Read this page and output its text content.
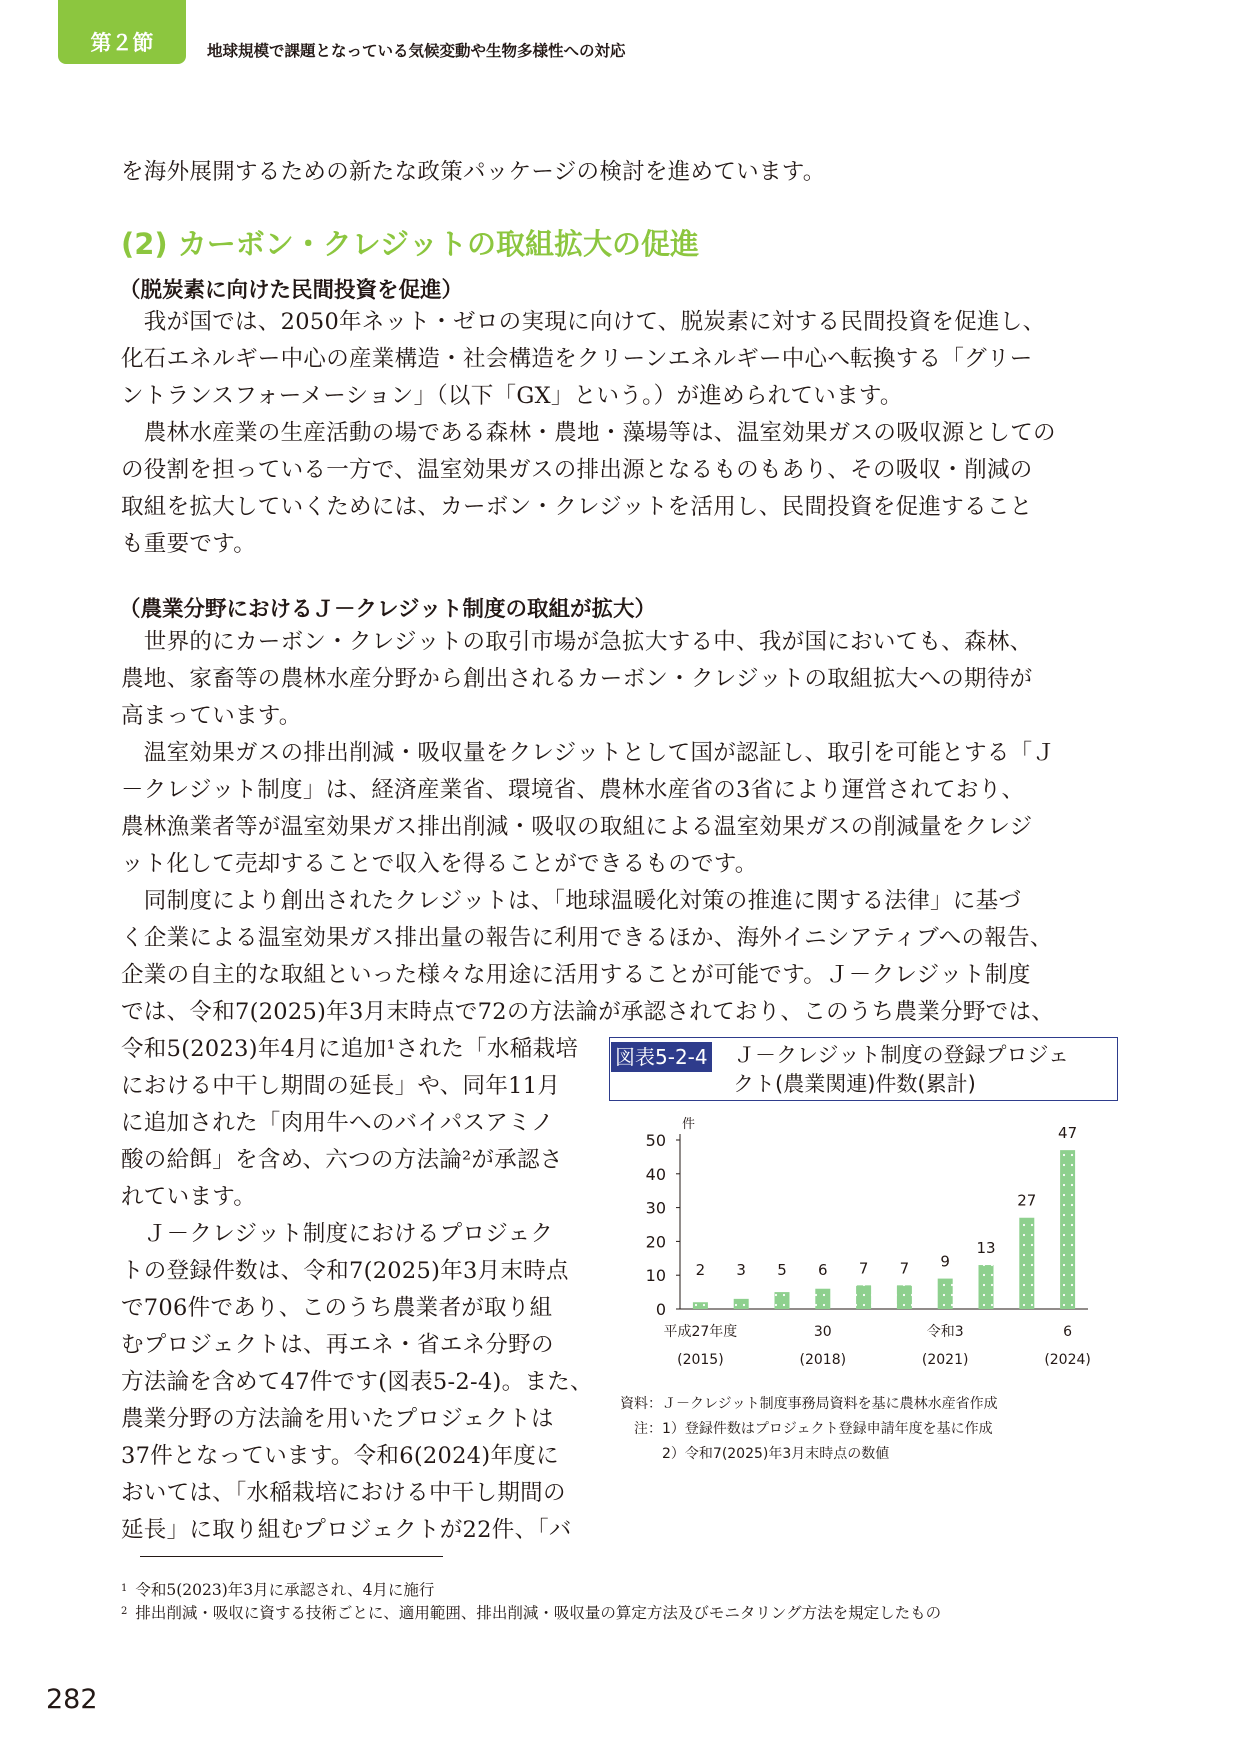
第２節	地球規模で課題となっている気候変動や生物多様性への対応
を海外展開するための新たな政策パッケージの検討を進めています。
(2) カーボン・クレジットの取組拡大の促進
（脱炭素に向けた民間投資を促進）
　我が国では、2050年ネット・ゼロの実現に向けて、脱炭素に対する民間投資を促進し、
化石エネルギー中心の産業構造・社会構造をクリーンエネルギー中心へ転換する「グリー
ントランスフォーメーション」（以下「GX」という。）が進められています。
　農林水産業の生産活動の場である森林・農地・藻場等は、温室効果ガスの吸収源としての
の役割を担っている一方で、温室効果ガスの排出源となるものもあり、その吸収・削減の
取組を拡大していくためには、カーボン・クレジットを活用し、民間投資を促進すること
も重要です。
（農業分野におけるＪ－クレジット制度の取組が拡大）
　世界的にカーボン・クレジットの取引市場が急拡大する中、我が国においても、森林、
農地、家畜等の農林水産分野から創出されるカーボン・クレジットの取組拡大への期待が
高まっています。
　温室効果ガスの排出削減・吸収量をクレジットとして国が認証し、取引を可能とする「Ｊ
－クレジット制度」は、経済産業省、環境省、農林水産省の3省により運営されており、
農林漁業者等が温室効果ガス排出削減・吸収の取組による温室効果ガスの削減量をクレジ
ット化して売却することで収入を得ることができるものです。
　同制度により創出されたクレジットは、「地球温暖化対策の推進に関する法律」に基づ
く企業による温室効果ガス排出量の報告に利用できるほか、海外イニシアティブへの報告、
企業の自主的な取組といった様々な用途に活用することが可能です。Ｊ－クレジット制度
では、令和7(2025)年3月末時点で72の方法論が承認されており、このうち農業分野では、
令和5(2023)年4月に追加¹された「水稲栽培
における中干し期間の延長」や、同年11月
に追加された「肉用牛へのバイパスアミノ
酸の給餌」を含め、六つの方法論²が承認さ
れています。
　Ｊ－クレジット制度におけるプロジェク
トの登録件数は、令和7(2025)年3月末時点
で706件であり、このうち農業者が取り組
むプロジェクトは、再エネ・省エネ分野の
方法論を含めて47件です(図表5-2-4)。また、
農業分野の方法論を用いたプロジェクトは
37件となっています。令和6(2024)年度に
おいては、「水稲栽培における中干し期間の
延長」に取り組むプロジェクトが22件、「バ
図表5-2-4 Ｊ－クレジット制度の登録プロジェ
クト(農業関連)件数(累計)
0
10
20
30
40
50
件
2 3 5 6 7 7 9
13
27
47
平成27年度
(2015)
30
(2018)
令和3
(2021)
6
(2024)
資料：Ｊ－クレジット制度事務局資料を基に農林水産省作成
　注：1）登録件数はプロジェクト登録申請年度を基に作成
　　　2）令和7(2025)年3月末時点の数値
$^1$ 令和5(2023)年3月に承認され、4月に施行
$^2$ 排出削減・吸収に資する技術ごとに、適用範囲、排出削減・吸収量の算定方法及びモニタリング方法を規定したもの
282
